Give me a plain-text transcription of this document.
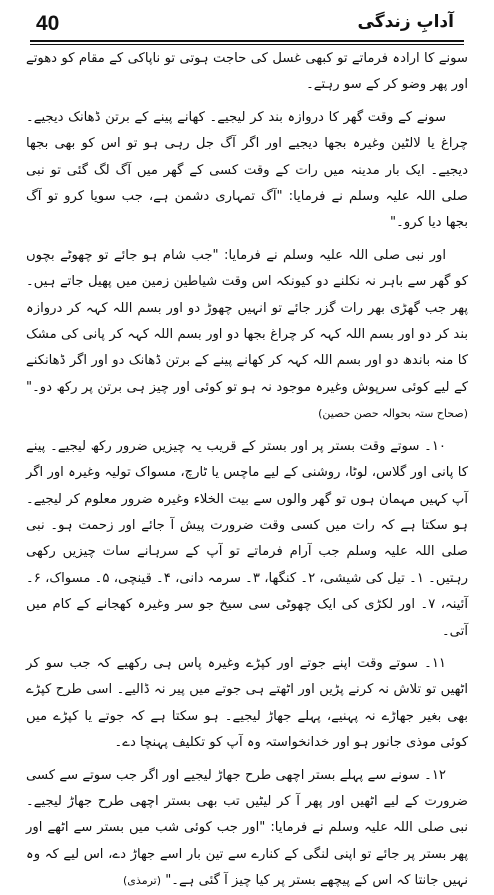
40	آدابِ زندگی

سونے کا ارادہ فرماتے تو کبھی غسل کی حاجت ہوتی تو ناپاکی کے مقام کو دھوتے اور پھر وضو کر کے سو رہتے۔

سونے کے وقت گھر کا دروازہ بند کر لیجیے۔ کھانے پینے کے برتن ڈھانک دیجیے۔ چراغ یا لالٹین وغیرہ بجھا دیجیے اور اگر آگ جل رہی ہو تو اس کو بھی بجھا دیجیے۔ ایک بار مدینہ میں رات کے وقت کسی کے گھر میں آگ لگ گئی تو نبی صلی اللہ علیہ وسلم نے فرمایا: "آگ تمہاری دشمن ہے، جب سویا کرو تو آگ بجھا دیا کرو۔"

اور نبی صلی اللہ علیہ وسلم نے فرمایا: "جب شام ہو جائے تو چھوٹے بچوں کو گھر سے باہر نہ نکلنے دو کیونکہ اس وقت شیاطین زمین میں پھیل جاتے ہیں۔ پھر جب گھڑی بھر رات گزر جائے تو انہیں چھوڑ دو اور بسم اللہ کہہ کر دروازہ بند کر دو اور بسم اللہ کہہ کر چراغ بجھا دو اور بسم اللہ کہہ کر پانی کی مشک کا منہ باندھ دو اور بسم اللہ کہہ کر کھانے پینے کے برتن ڈھانک دو اور اگر ڈھانکنے کے لیے کوئی سرپوش وغیرہ موجود نہ ہو تو کوئی اور چیز ہی برتن پر رکھ دو۔" (صحاح ستہ بحوالہ حصن حصین)

۱۰۔ سوتے وقت بستر پر اور بستر کے قریب یہ چیزیں ضرور رکھ لیجیے۔ پینے کا پانی اور گلاس، لوٹا، روشنی کے لیے ماچس یا ٹارچ، مسواک تولیہ وغیرہ اور اگر آپ کہیں مہمان ہوں تو گھر والوں سے بیت الخلاء وغیرہ ضرور معلوم کر لیجیے۔ ہو سکتا ہے کہ رات میں کسی وقت ضرورت پیش آ جائے اور زحمت ہو۔ نبی صلی اللہ علیہ وسلم جب آرام فرماتے تو آپ کے سرہانے سات چیزیں رکھی رہتیں۔ ۱۔ تیل کی شیشی، ۲۔ کنگھا، ۳۔ سرمہ دانی، ۴۔ قینچی، ۵۔ مسواک، ۶۔ آئینہ، ۷۔ اور لکڑی کی ایک چھوٹی سی سیخ جو سر وغیرہ کھجانے کے کام میں آتی۔

۱۱۔ سوتے وقت اپنے جوتے اور کپڑے وغیرہ پاس ہی رکھیے کہ جب سو کر اٹھیں تو تلاش نہ کرنے پڑیں اور اٹھتے ہی جوتے میں پیر نہ ڈالیے۔ اسی طرح کپڑے بھی بغیر جھاڑے نہ پہنیے، پہلے جھاڑ لیجیے۔ ہو سکتا ہے کہ جوتے یا کپڑے میں کوئی موذی جانور ہو اور خدانخواستہ وہ آپ کو تکلیف پہنچا دے۔

۱۲۔ سونے سے پہلے بستر اچھی طرح جھاڑ لیجیے اور اگر جب سوتے سے کسی ضرورت کے لیے اٹھیں اور پھر آ کر لیٹیں تب بھی بستر اچھی طرح جھاڑ لیجیے۔ نبی صلی اللہ علیہ وسلم نے فرمایا: "اور جب کوئی شب میں بستر سے اٹھے اور پھر بستر پر جائے تو اپنی لنگی کے کنارے سے تین بار اسے جھاڑ دے، اس لیے کہ وہ نہیں جانتا کہ اس کے پیچھے بستر پر کیا چیز آ گئی ہے۔" (ترمذی)
